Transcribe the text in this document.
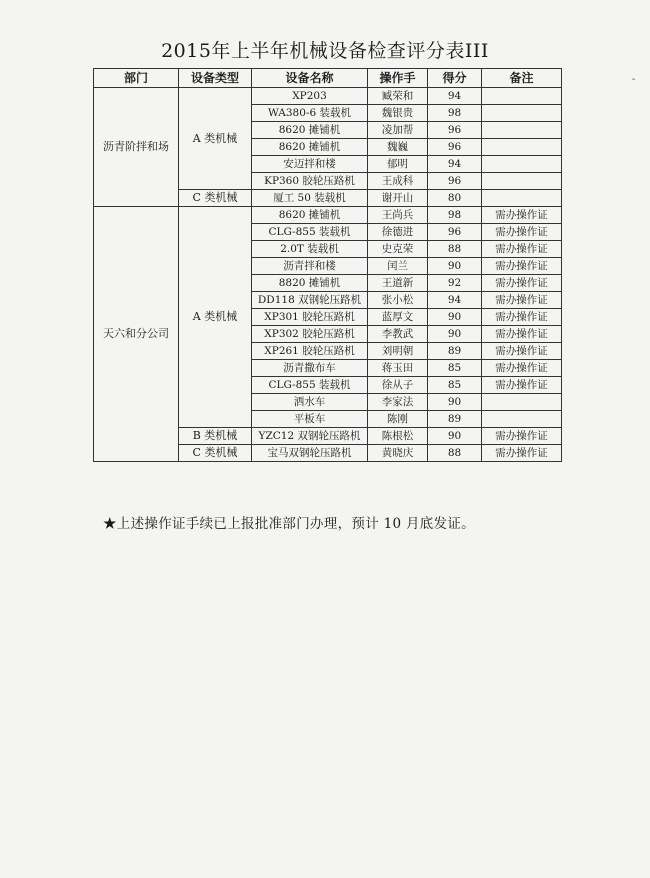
2015年上半年机械设备检查评分表III
部门	设备类型	设备名称	操作手	得分	备注
沥青阶拌和场	A 类机械	XP203	臧荣和	94	
		WA380-6 装载机	魏银贵	98	
		8620 摊铺机	凌加帮	96	
		8620 摊铺机	魏巍	96	
		安迈拌和楼	郁明	94	
		KP360 胶轮压路机	王成科	96	
	C 类机械	厦工 50 装载机	谢开山	80	
天六和分公司	A 类机械	8620 摊铺机	王尚兵	98	需办操作证
		CLG-855 装载机	徐德进	96	需办操作证
		2.0T 装载机	史克荣	88	需办操作证
		沥青拌和楼	闰兰	90	需办操作证
		8820 摊铺机	王道新	92	需办操作证
		DD118 双钢轮压路机	张小松	94	需办操作证
		XP301 胶轮压路机	蓝厚文	90	需办操作证
		XP302 胶轮压路机	李教武	90	需办操作证
		XP261 胶轮压路机	刘明朝	89	需办操作证
		沥青撒布车	蒋玉田	85	需办操作证
		CLG-855 装载机	徐从子	85	需办操作证
		洒水车	李家法	90	
		平板车	陈刚	89	
	B 类机械	YZC12 双钢轮压路机	陈根松	90	需办操作证
	C 类机械	宝马双钢轮压路机	黄晓庆	88	需办操作证
★上述操作证手续已上报批准部门办理，预计 10 月底发证。
-
